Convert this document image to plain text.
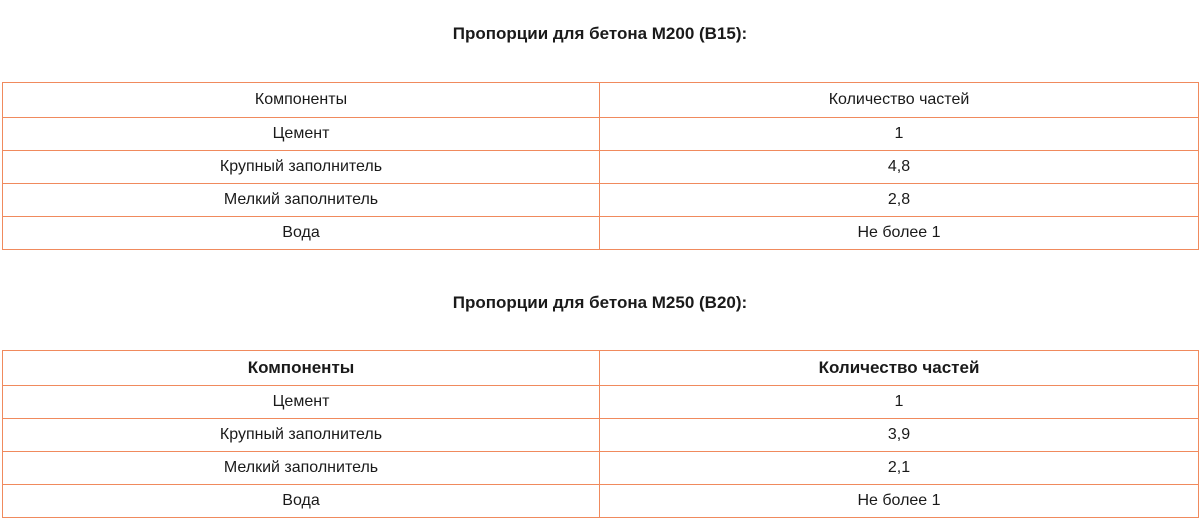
Пропорции для бетона М200 (В15):
Компоненты	Количество частей
Цемент	1
Крупный заполнитель	4,8
Мелкий заполнитель	2,8
Вода	Не более 1
Пропорции для бетона М250 (В20):
Компоненты	Количество частей
Цемент	1
Крупный заполнитель	3,9
Мелкий заполнитель	2,1
Вода	Не более 1
